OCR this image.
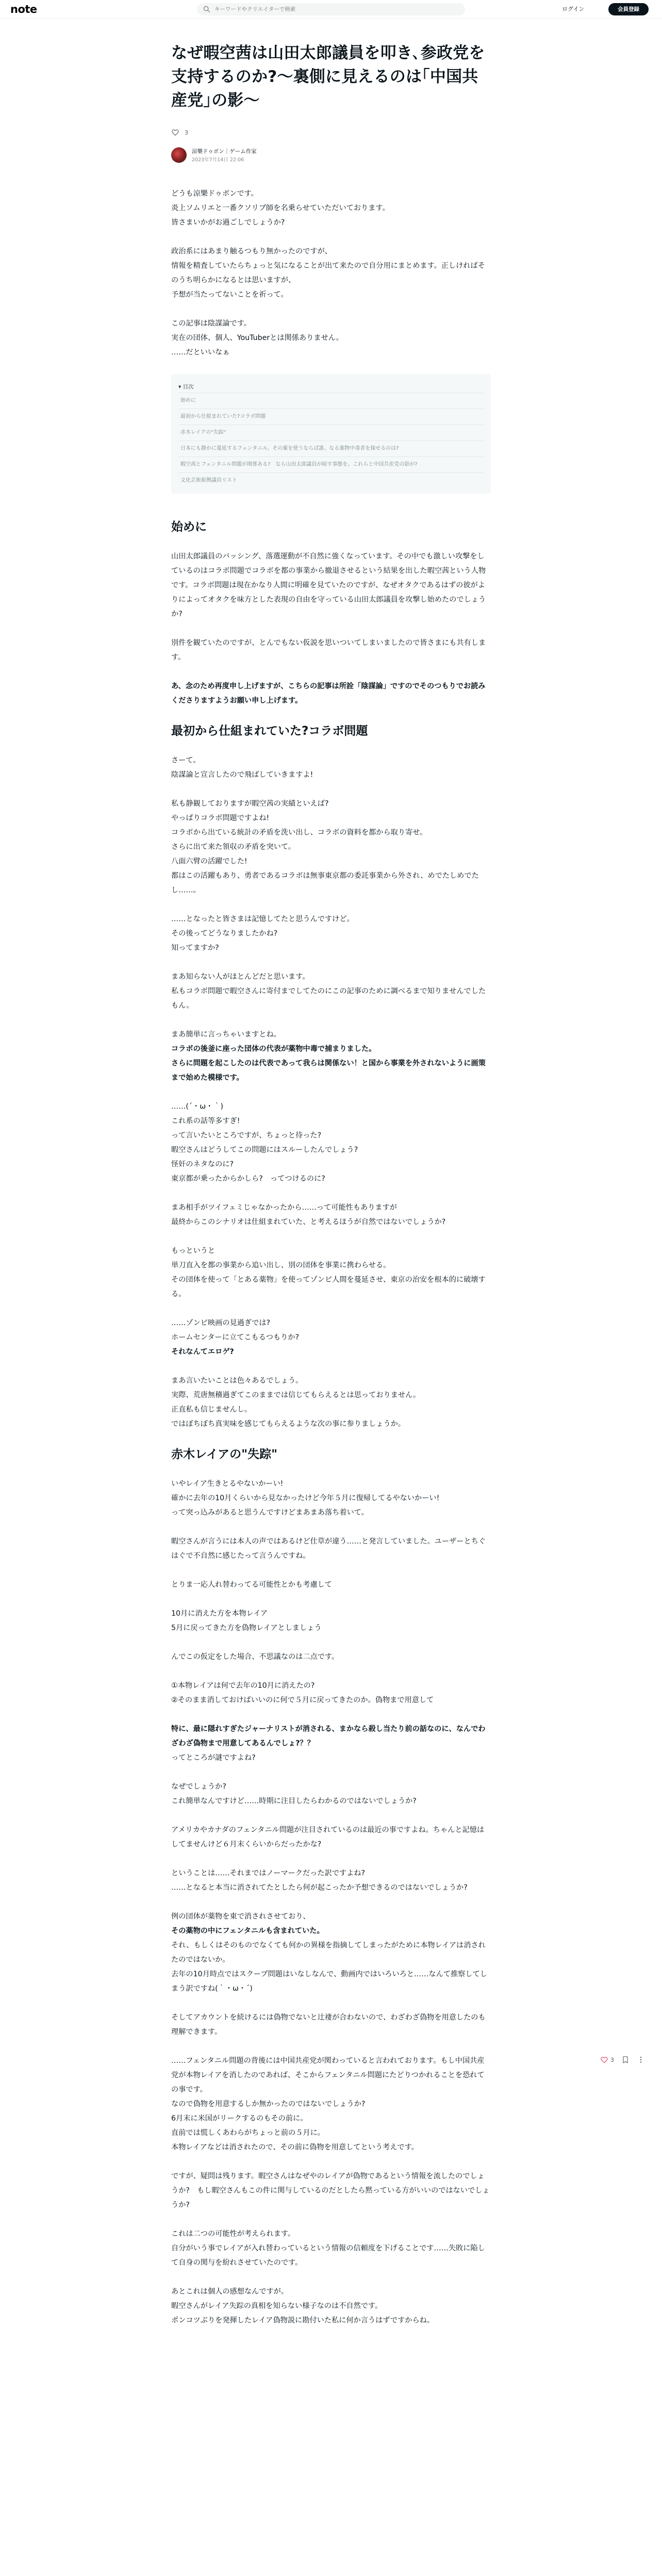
note
キーワードやクリエイターで検索	ログイン	会員登録
なぜ暇空茜は山田太郎議員を叩き､参政党を支持するのか?〜裏側に見えるのは｢中国共産党｣の影〜
3
涼樂ドゥボン｜ゲーム作家
2023年7月14日 22:06

どうも涼樂ドゥボンです。
炎上ソムリエと一番クソリプ師を名乗らせていただいております。
皆さまいかがお過ごしでしょうか?

政治系にはあまり触るつもり無かったのですが、
情報を精査していたらちょっと気になることが出て来たので自分用にまとめます。正しければそのうち明らかになるとは思いますが、
予想が当たってないことを祈って。

この記事は陰謀論です。
実在の団体、個人、YouTuberとは関係ありません。
……だといいなぁ

▾ 目次
始めに
最初から仕組まれていた?コラボ問題
赤木レイアの"失踪"
日本にも静かに蔓延するフェンタニル。その薬を使うならば誰。なる薬物中毒者を探せるのは?
暇空茜とフェンタニル問題が関係ある?　なら山田太郎議員が暗す事態を。これらと中国共産党の影が?
文化芸術振興議員リスト
始めに

山田太郎議員のバッシング、落選運動が不自然に強くなっています。その中でも激しい攻撃をしているのはコラボ問題でコラボを都の事業から撤退させるという結果を出した暇空茜という人物です。コラボ問題は現在かなり人間に明確を見ていたのですが、なぜオタクであるはずの彼がよりによってオタクを味方とした表現の自由を守っている山田太郎議員を攻撃し始めたのでしょうか?

別件を観ていたのですが、とんでもない仮説を思いついてしまいましたので皆さまにも共有します。

あ、念のため再度申し上げますが、こちらの記事は所詮「陰謀論」ですのでそのつもりでお読みくださりますようお願い申し上げます。

最初から仕組まれていた?コラボ問題

さーて。
陰謀論と宣言したので飛ばしていきますよ!

私も静観しておりますが暇空茜の実績といえば?
やっぱりコラボ問題ですよね!
コラボから出ている統計の矛盾を洗い出し、コラボの資料を都から取り寄せ。
さらに出て来た領収の矛盾を突いて。
八面六臂の活躍でした!
都はこの活躍もあり、勇者であるコラボは無事東京都の委託事業から外され、めでたしめでたし……。

……となったと皆さまは記憶してたと思うんですけど。
その後ってどうなりましたかね?
知ってますか?

まあ知らない人がほとんどだと思います。
私もコラボ問題で暇空さんに寄付までしてたのにこの記事のために調べるまで知りませんでしたもん。

まあ簡単に言っちゃいますとね。
コラボの後釜に座った団体の代表が薬物中毒で捕まりました。
さらに問題を起こしたのは代表であって我らは関係ない！と国から事業を外されないように画策まで始めた模様です。

……(´・ω・｀)
これ系の話等多すぎ!
って言いたいところですが、ちょっと待った?
暇空さんはどうしてこの問題にはスルーしたんでしょう?
怪奸のネタなのに?
東京都が乗ったからかしら?　ってつけるのに?

まあ相手がツイフェミじゃなかったから……って可能性もありますが
最終からこのシナリオは仕組まれていた、と考えるほうが自然ではないでしょうか?

もっというと
単刀直入を都の事業から追い出し、別の団体を事業に携わらせる。
その団体を使って「とある薬物」を使ってゾンビ人間を蔓延させ、東京の治安を根本的に破壊する。

……ゾンビ映画の見過ぎでは?
ホームセンターに立てこもるつもりか?
それなんてエロゲ?

まあ言いたいことは色々あるでしょう。
実際、荒唐無稽過ぎてこのままでは信じてもらえるとは思っておりません。
正直私も信じませんし。
ではぼちぼち真実味を感じてもらえるような次の事に参りましょうか。

赤木レイアの"失踪"

いやレイア生きとるやないかーい!
確かに去年の10月くらいから見なかったけど今年５月に復帰してるやないかーい!
って突っ込みがあると思うんですけどまあまあ落ち着いて。

暇空さんが言うには本人の声ではあるけど仕草が違う……と発言していました。ユーザーとちぐはぐで不自然に感じたって言うんですね。

とりま一応人れ替わってる可能性とかも考慮して

10月に消えた方を本物レイア
5月に戻ってきた方を偽物レイアとしましょう

んでこの仮定をした場合、不思議なのは二点です。

①本物レイアは何で去年の10月に消えたの?
②そのまま消しておけばいいのに何で５月に戻ってきたのか。偽物まで用意して

特に、最に隠れすぎたジャーナリストが消される、まかなら殺し当たり前の話なのに、なんでわざわざ偽物まで用意してあるんでしょ?？？
ってところが謎ですよね?

なぜでしょうか?
これ簡単なんですけど……時期に注目したらわかるのではないでしょうか?

アメリカやカナダのフェンタニル問題が注目されているのは最近の事ですよね。ちゃんと記憶はしてませんけど６月末くらいからだったかな?

ということは……それまではノーマークだった訳ですよね?
……となると本当に消されてたとしたら何が起こったか予想できるのではないでしょうか?

例の団体が薬物を東で消されさせており、
その薬物の中にフェンタニルも含まれていた。
それ、もしくはそのものでなくても何かの異様を指摘してしまったがために本物レイアは消されたのではないか。
去年の10月時点ではスクープ問題はいなしなんで、動画内ではいろいろと……なんて推察してしまう訳ですね(｀・ω・´)

そしてアカウントを続けるには偽物でないと辻褄が合わないので、わざわざ偽物を用意したのも理解できます。

……フェンタニル問題の背後には中国共産党が関わっていると言われております。もし中国共産党が本物レイアを消したのであれば、そこからフェンタニル問題にたどりつかれることを恐れての事です。
なので偽物を用意するしか無かったのではないでしょうか?
6月末に米国がリークするのもその前に。
直前では慌しくあわらがちょっと前の５月に。
本物レイアなどは消されたので、その前に偽物を用意してという考えです。

ですが、疑問は残ります。暇空さんはなぜやのレイアが偽物であるという情報を流したのでしょうか?　もし暇空さんもこの件に関与しているのだとしたら黙っている方がいいのではないでしょうか?

これは二つの可能性が考えられます。
自分がいう事でレイアが入れ替わっているという情報の信頼度を下げることです……失敗に陥して自身の関与を紛れさせていたのです。

あとこれは個人の感想なんですが。
暇空さんがレイア失踪の真相を知らない様子なのは不自然です。
ポンコツぶりを発揮したレイア偽物説に勘付いた私に何か言うはずですからね。

3
